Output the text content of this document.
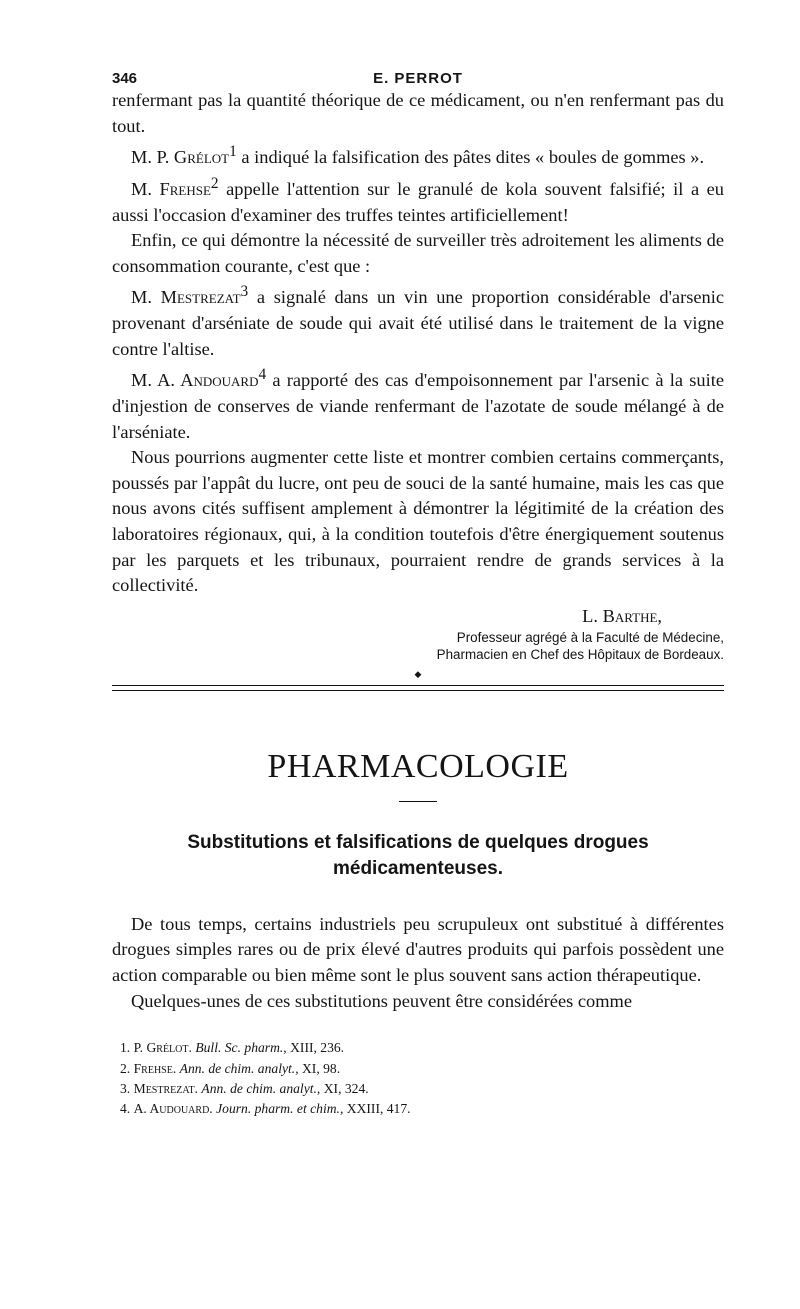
346	E. PERROT

renfermant pas la quantité théorique de ce médicament, ou n'en renfermant pas du tout.

M. P. Grélot$^1$ a indiqué la falsification des pâtes dites « boules de gommes ».

M. Frehse$^2$ appelle l'attention sur le granulé de kola souvent falsifié; il a eu aussi l'occasion d'examiner des truffes teintes artificiellement!

Enfin, ce qui démontre la nécessité de surveiller très adroitement les aliments de consommation courante, c'est que :

M. Mestrezat$^3$ a signalé dans un vin une proportion considérable d'arsenic provenant d'arséniate de soude qui avait été utilisé dans le traitement de la vigne contre l'altise.

M. A. Andouard$^4$ a rapporté des cas d'empoisonnement par l'arsenic à la suite d'injestion de conserves de viande renfermant de l'azotate de soude mélangé à de l'arséniate.

Nous pourrions augmenter cette liste et montrer combien certains commerçants, poussés par l'appât du lucre, ont peu de souci de la santé humaine, mais les cas que nous avons cités suffisent amplement à démontrer la légitimité de la création des laboratoires régionaux, qui, à la condition toutefois d'être énergiquement soutenus par les parquets et les tribunaux, pourraient rendre de grands services à la collectivité.

L. Barthe,
Professeur agrégé à la Faculté de Médecine,
Pharmacien en Chef des Hôpitaux de Bordeaux.
◆
PHARMACOLOGIE
Substitutions et falsifications de quelques drogues
médicamenteuses.

De tous temps, certains industriels peu scrupuleux ont substitué à différentes drogues simples rares ou de prix élevé d'autres produits qui parfois possèdent une action comparable ou bien même sont le plus souvent sans action thérapeutique.

Quelques-unes de ces substitutions peuvent être considérées comme

1. P. Grélot. Bull. Sc. pharm., XIII, 236.
2. Frehse. Ann. de chim. analyt., XI, 98.
3. Mestrezat. Ann. de chim. analyt., XI, 324.
4. A. Audouard. Journ. pharm. et chim., XXIII, 417.
